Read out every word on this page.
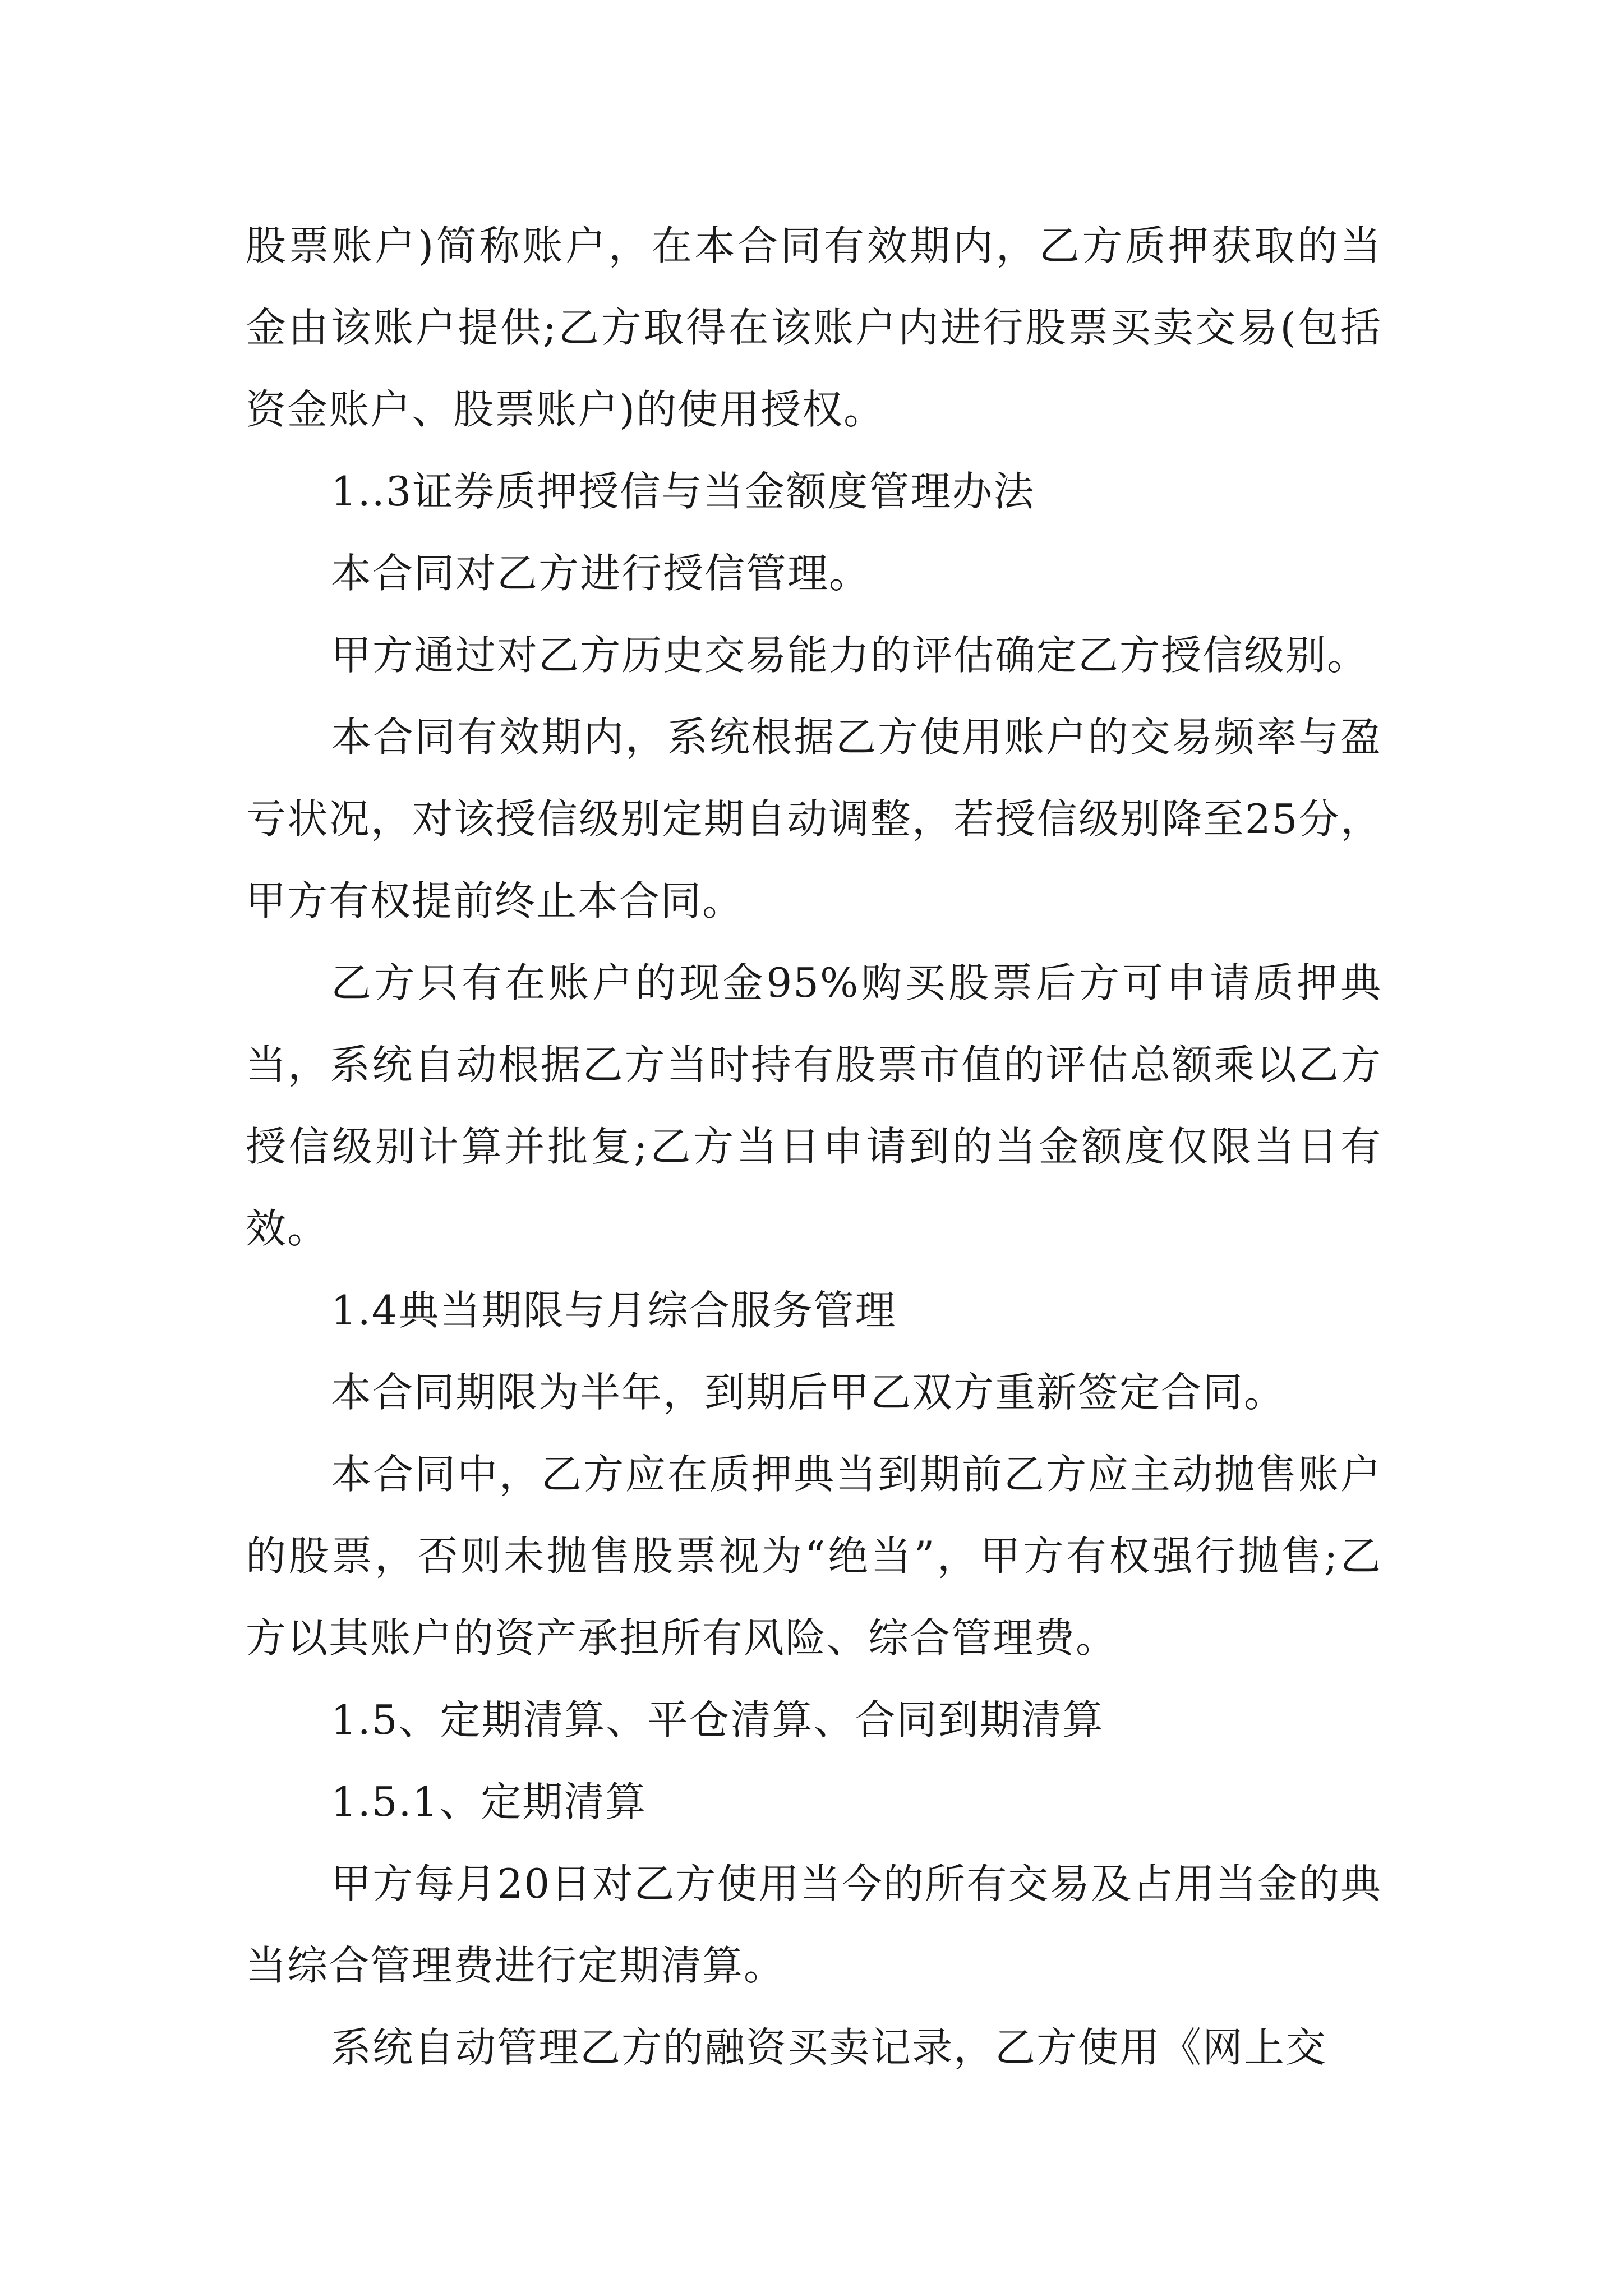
股票账户)简称账户，在本合同有效期内，乙方质押获取的当金由该账户提供;乙方取得在该账户内进行股票买卖交易(包括资金账户、股票账户)的使用授权。

1..3证券质押授信与当金额度管理办法

本合同对乙方进行授信管理。

甲方通过对乙方历史交易能力的评估确定乙方授信级别。

本合同有效期内，系统根据乙方使用账户的交易频率与盈亏状况，对该授信级别定期自动调整，若授信级别降至25分，甲方有权提前终止本合同。

乙方只有在账户的现金95%购买股票后方可申请质押典当，系统自动根据乙方当时持有股票市值的评估总额乘以乙方授信级别计算并批复;乙方当日申请到的当金额度仅限当日有效。

1.4典当期限与月综合服务管理

本合同期限为半年，到期后甲乙双方重新签定合同。

本合同中，乙方应在质押典当到期前乙方应主动抛售账户的股票，否则未抛售股票视为“绝当”，甲方有权强行抛售;乙方以其账户的资产承担所有风险、综合管理费。

1.5、定期清算、平仓清算、合同到期清算

1.5.1、定期清算

甲方每月20日对乙方使用当今的所有交易及占用当金的典当综合管理费进行定期清算。

系统自动管理乙方的融资买卖记录，乙方使用《网上交
